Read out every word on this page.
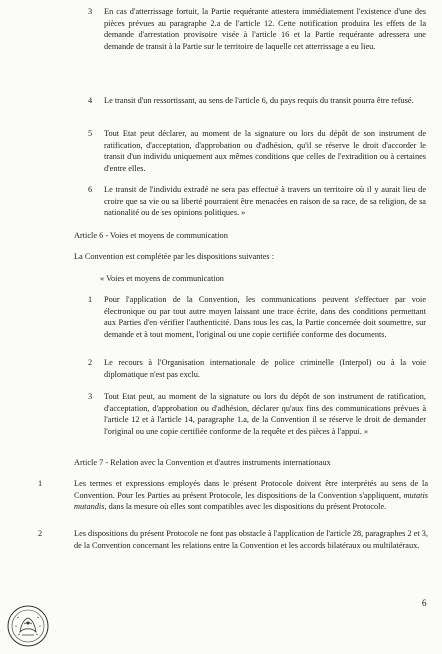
3 En cas d'atterrissage fortuit, la Partie requérante attestera immédiatement l'existence d'une des pièces prévues au paragraphe 2.a de l'article 12. Cette notification produira les effets de la demande d'arrestation provisoire visée à l'article 16 et la Partie requérante adressera une demande de transit à la Partie sur le territoire de laquelle cet atterrissage a eu lieu.

4 Le transit d'un ressortissant, au sens de l'article 6, du pays requis du transit pourra être refusé.

5 Tout Etat peut déclarer, au moment de la signature ou lors du dépôt de son instrument de ratification, d'acceptation, d'approbation ou d'adhésion, qu'il se réserve le droit d'accorder le transit d'un individu uniquement aux mêmes conditions que celles de l'extradition ou à certaines d'entre elles.

6 Le transit de l'individu extradé ne sera pas effectué à travers un territoire où il y aurait lieu de croire que sa vie ou sa liberté pourraient être menacées en raison de sa race, de sa religion, de sa nationalité ou de ses opinions politiques. »

Article 6 - Voies et moyens de communication

La Convention est complétée par les dispositions suivantes :

« Voies et moyens de communication

1 Pour l'application de la Convention, les communications peuvent s'effectuer par voie électronique ou par tout autre moyen laissant une trace écrite, dans des conditions permettant aux Parties d'en vérifier l'authenticité. Dans tous les cas, la Partie concernée doit soumettre, sur demande et à tout moment, l'original ou une copie certifiée conforme des documents.

2 Le recours à l'Organisation internationale de police criminelle (Interpol) ou à la voie diplomatique n'est pas exclu.

3 Tout Etat peut, au moment de la signature ou lors du dépôt de son instrument de ratification, d'acceptation, d'approbation ou d'adhésion, déclarer qu'aux fins des communications prévues à l'article 12 et à l'article 14, paragraphe 1.a, de la Convention il se réserve le droit de demander l'original ou une copie certifiée conforme de la requête et des pièces à l'appui. »

Article 7 - Relation avec la Convention et d'autres instruments internationaux

1	Les termes et expressions employés dans le présent Protocole doivent être interprétés au sens de la Convention. Pour les Parties au présent Protocole, les dispositions de la Convention s'appliquent, mutatis mutandis, dans la mesure où elles sont compatibles avec les dispositions du présent Protocole.

2	Les dispositions du présent Protocole ne font pas obstacle à l'application de l'article 28, paragraphes 2 et 3, de la Convention concernant les relations entre la Convention et les accords bilatéraux ou multilatéraux.

6
